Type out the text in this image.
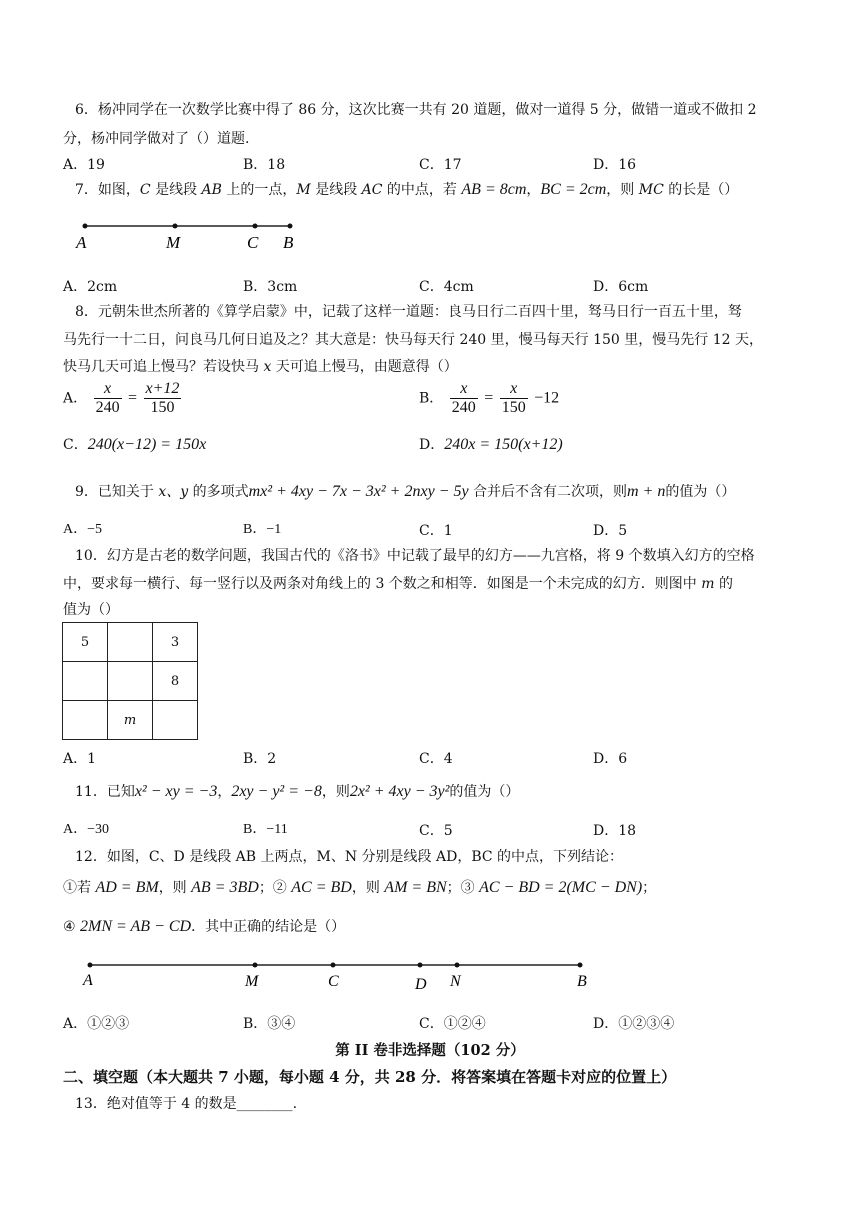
6．杨冲同学在一次数学比赛中得了 86 分，这次比赛一共有 20 道题，做对一道得 5 分，做错一道或不做扣 2
分，杨冲同学做对了（）道题.
A．19	B．18	C．17	D．16
7．如图，C 是线段 AB 上的一点，M 是线段 AC 的中点，若 AB = 8cm，BC = 2cm，则 MC 的长是（）
A	M	C B
A．2cm	B．3cm	C．4cm	D．6cm
8．元朝朱世杰所著的《算学启蒙》中，记载了这样一道题：良马日行二百四十里，驽马日行一百五十里，驽
马先行一十二日，问良马几何日追及之？其大意是：快马每天行 240 里，慢马每天行 150 里，慢马先行 12 天，
快马几天可追上慢马？若设快马 x 天可追上慢马，由题意得（）
A． $\frac{x}{240} = \frac{x+12}{150}$	B． $\frac{x}{240} = \frac{x}{150} -12$
C．240(x−12) = 150x	D．240x = 150(x+12)
9．已知关于 x、y 的多项式mx² + 4xy − 7x − 3x² + 2nxy − 5y 合并后不含有二次项，则m + n的值为（）
A．−5	B．−1	C．1	D．5
10．幻方是古老的数学问题，我国古代的《洛书》中记载了最早的幻方——九宫格，将 9 个数填入幻方的空格
中，要求每一横行、每一竖行以及两条对角线上的 3 个数之和相等．如图是一个未完成的幻方．则图中 m 的
值为（）
5		3
		8
	m	
A．1	B．2	C．4	D．6
11．已知x² − xy = −3，2xy − y² = −8，则2x² + 4xy − 3y²的值为（）
A．−30	B．−11	C．5	D．18
12．如图，C、D 是线段 AB 上两点，M、N 分别是线段 AD，BC 的中点，下列结论：
①若 AD = BM，则 AB = 3BD；② AC = BD，则 AM = BN；③ AC − BD = 2(MC − DN)；
④ 2MN = AB − CD．其中正确的结论是（）
A	M	C	D N	B
A．①②③	B．③④	C．①②④	D．①②③④
第 II 卷非选择题（102 分）
二、填空题（本大题共 7 小题，每小题 4 分，共 28 分．将答案填在答题卡对应的位置上）
13．绝对值等于 4 的数是________.
